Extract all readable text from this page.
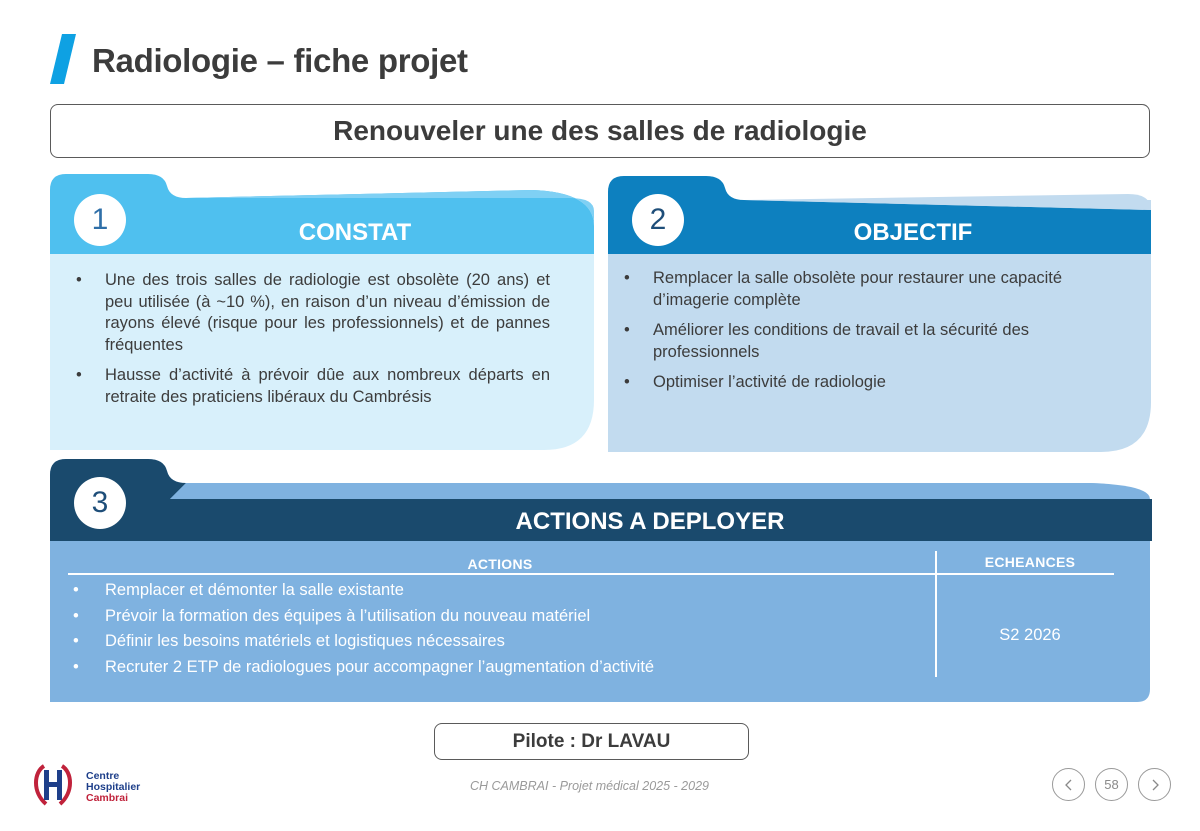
Radiologie – fiche projet
Renouveler une des salles de radiologie
1	CONSTAT
• Une des trois salles de radiologie est obsolète (20 ans) et peu utilisée (à ~10 %), en raison d’un niveau d’émission de rayons élevé (risque pour les professionnels) et de pannes fréquentes
• Hausse d’activité à prévoir dûe aux nombreux départs en retraite des praticiens libéraux du Cambrésis
2	OBJECTIF
• Remplacer la salle obsolète pour restaurer une capacité d’imagerie complète
• Améliorer les conditions de travail et la sécurité des professionnels
• Optimiser l’activité de radiologie
3
ACTIONS A DEPLOYER
ACTIONS	ECHEANCES
• Remplacer et démonter la salle existante
• Prévoir la formation des équipes à l’utilisation du nouveau matériel
• Définir les besoins matériels et logistiques nécessaires
• Recruter 2 ETP de radiologues pour accompagner l’augmentation d’activité
S2 2026
Pilote : Dr LAVAU
Centre
Hospitalier
Cambrai
CH CAMBRAI - Projet médical 2025 - 2029	58
